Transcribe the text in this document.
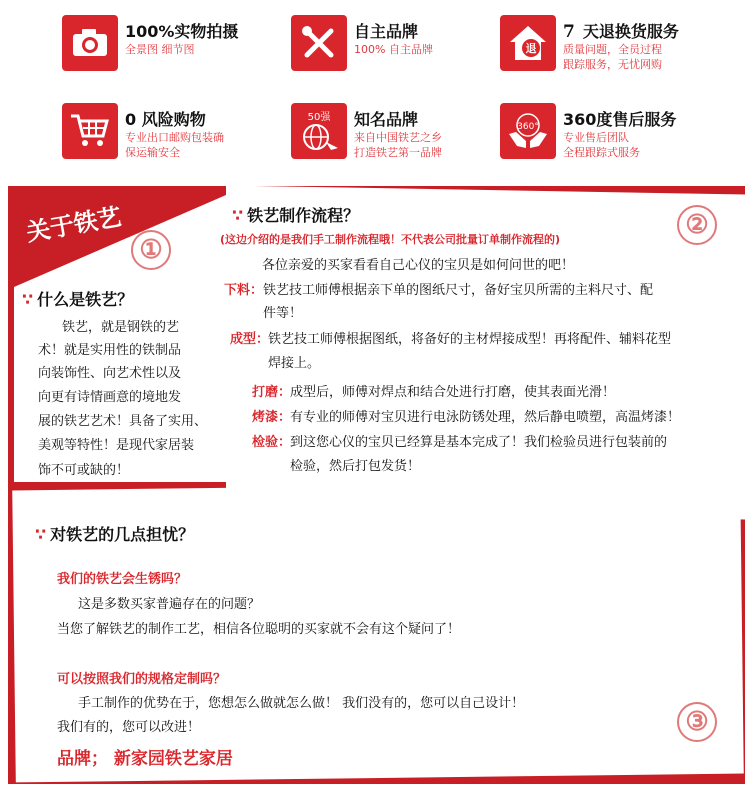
100%实物拍摄
全景图 细节图
自主品牌
100% 自主品牌	退
7 天退换货服务
质量问题，全员过程
跟踪服务，无忧网购
0 风险购物
专业出口邮购包装确
保运输安全
50强 知名品牌
来自中国铁艺之乡
打造铁艺第一品牌
360° 360度售后服务
专业售后团队
全程跟踪式服务
关于铁艺
①
∵ 什么是铁艺？
铁艺，就是钢铁的艺
术！就是实用性的铁制品
向装饰性、向艺术性以及
向更有诗情画意的境地发
展的铁艺艺术！具备了实用、
美观等特性！是现代家居装
饰不可或缺的！
②
∵ 铁艺制作流程？
(这边介绍的是我们手工制作流程哦！不代表公司批量订单制作流程的)
各位亲爱的买家看看自己心仪的宝贝是如何问世的吧！
下料： 铁艺技工师傅根据亲下单的图纸尺寸，备好宝贝所需的主料尺寸、配
件等！
成型：
铁艺技工师傅根据图纸，将备好的主材焊接成型！再将配件、辅料花型
焊接上。
打磨：
成型后，师傅对焊点和结合处进行打磨，使其表面光滑！
烤漆：
有专业的师傅对宝贝进行电泳防锈处理，然后静电喷塑，高温烤漆！
检验：
到这您心仪的宝贝已经算是基本完成了！我们检验员进行包装前的
检验，然后打包发货！
③
∵ 对铁艺的几点担忧？
我们的铁艺会生锈吗？
这是多数买家普遍存在的问题？
当您了解铁艺的制作工艺，相信各位聪明的买家就不会有这个疑问了！
可以按照我们的规格定制吗？
手工制作的优势在于，您想怎么做就怎么做！ 我们没有的，您可以自己设计！
我们有的，您可以改进！
品牌； 新家园铁艺家居
